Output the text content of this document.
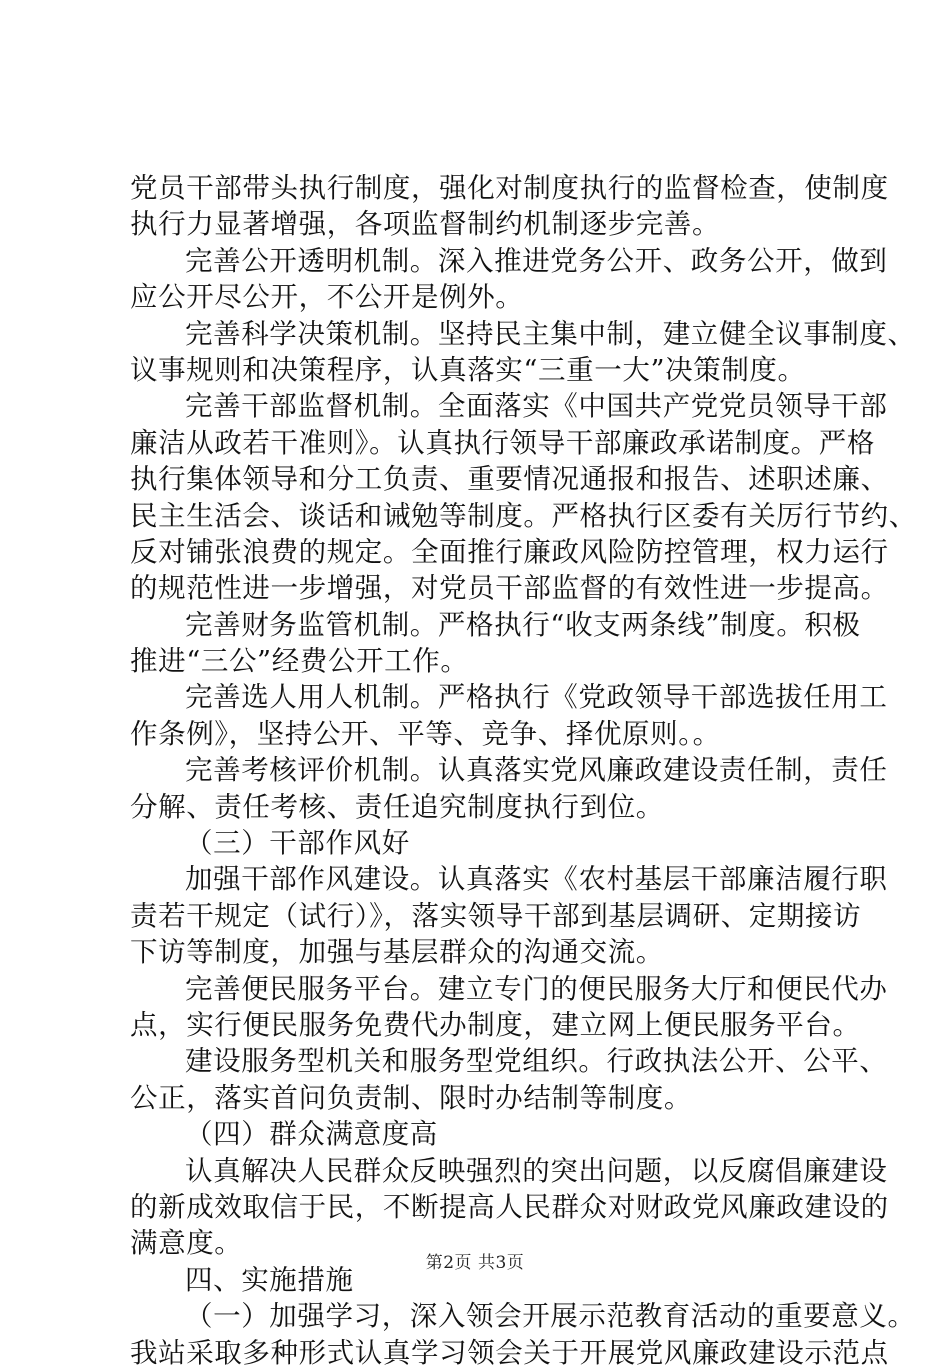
党员干部带头执行制度，强化对制度执行的监督检查，使制度
执行力显著增强，各项监督制约机制逐步完善。
完善公开透明机制。深入推进党务公开、政务公开，做到
应公开尽公开，不公开是例外。
完善科学决策机制。坚持民主集中制，建立健全议事制度、
议事规则和决策程序，认真落实“三重一大”决策制度。
完善干部监督机制。全面落实《中国共产党党员领导干部
廉洁从政若干准则》。认真执行领导干部廉政承诺制度。严格
执行集体领导和分工负责、重要情况通报和报告、述职述廉、
民主生活会、谈话和诫勉等制度。严格执行区委有关厉行节约、
反对铺张浪费的规定。全面推行廉政风险防控管理，权力运行
的规范性进一步增强，对党员干部监督的有效性进一步提高。
完善财务监管机制。严格执行“收支两条线”制度。积极
推进“三公”经费公开工作。
完善选人用人机制。严格执行《党政领导干部选拔任用工
作条例》，坚持公开、平等、竞争、择优原则。。
完善考核评价机制。认真落实党风廉政建设责任制，责任
分解、责任考核、责任追究制度执行到位。
（三）干部作风好
加强干部作风建设。认真落实《农村基层干部廉洁履行职
责若干规定（试行）》，落实领导干部到基层调研、定期接访
下访等制度，加强与基层群众的沟通交流。
完善便民服务平台。建立专门的便民服务大厅和便民代办
点，实行便民服务免费代办制度，建立网上便民服务平台。
建设服务型机关和服务型党组织。行政执法公开、公平、
公正，落实首问负责制、限时办结制等制度。
（四）群众满意度高
认真解决人民群众反映强烈的突出问题，以反腐倡廉建设
的新成效取信于民，不断提高人民群众对财政党风廉政建设的
满意度。
四、实施措施
（一）加强学习，深入领会开展示范教育活动的重要意义。
我站采取多种形式认真学习领会关于开展党风廉政建设示范点
第2页 共3页
